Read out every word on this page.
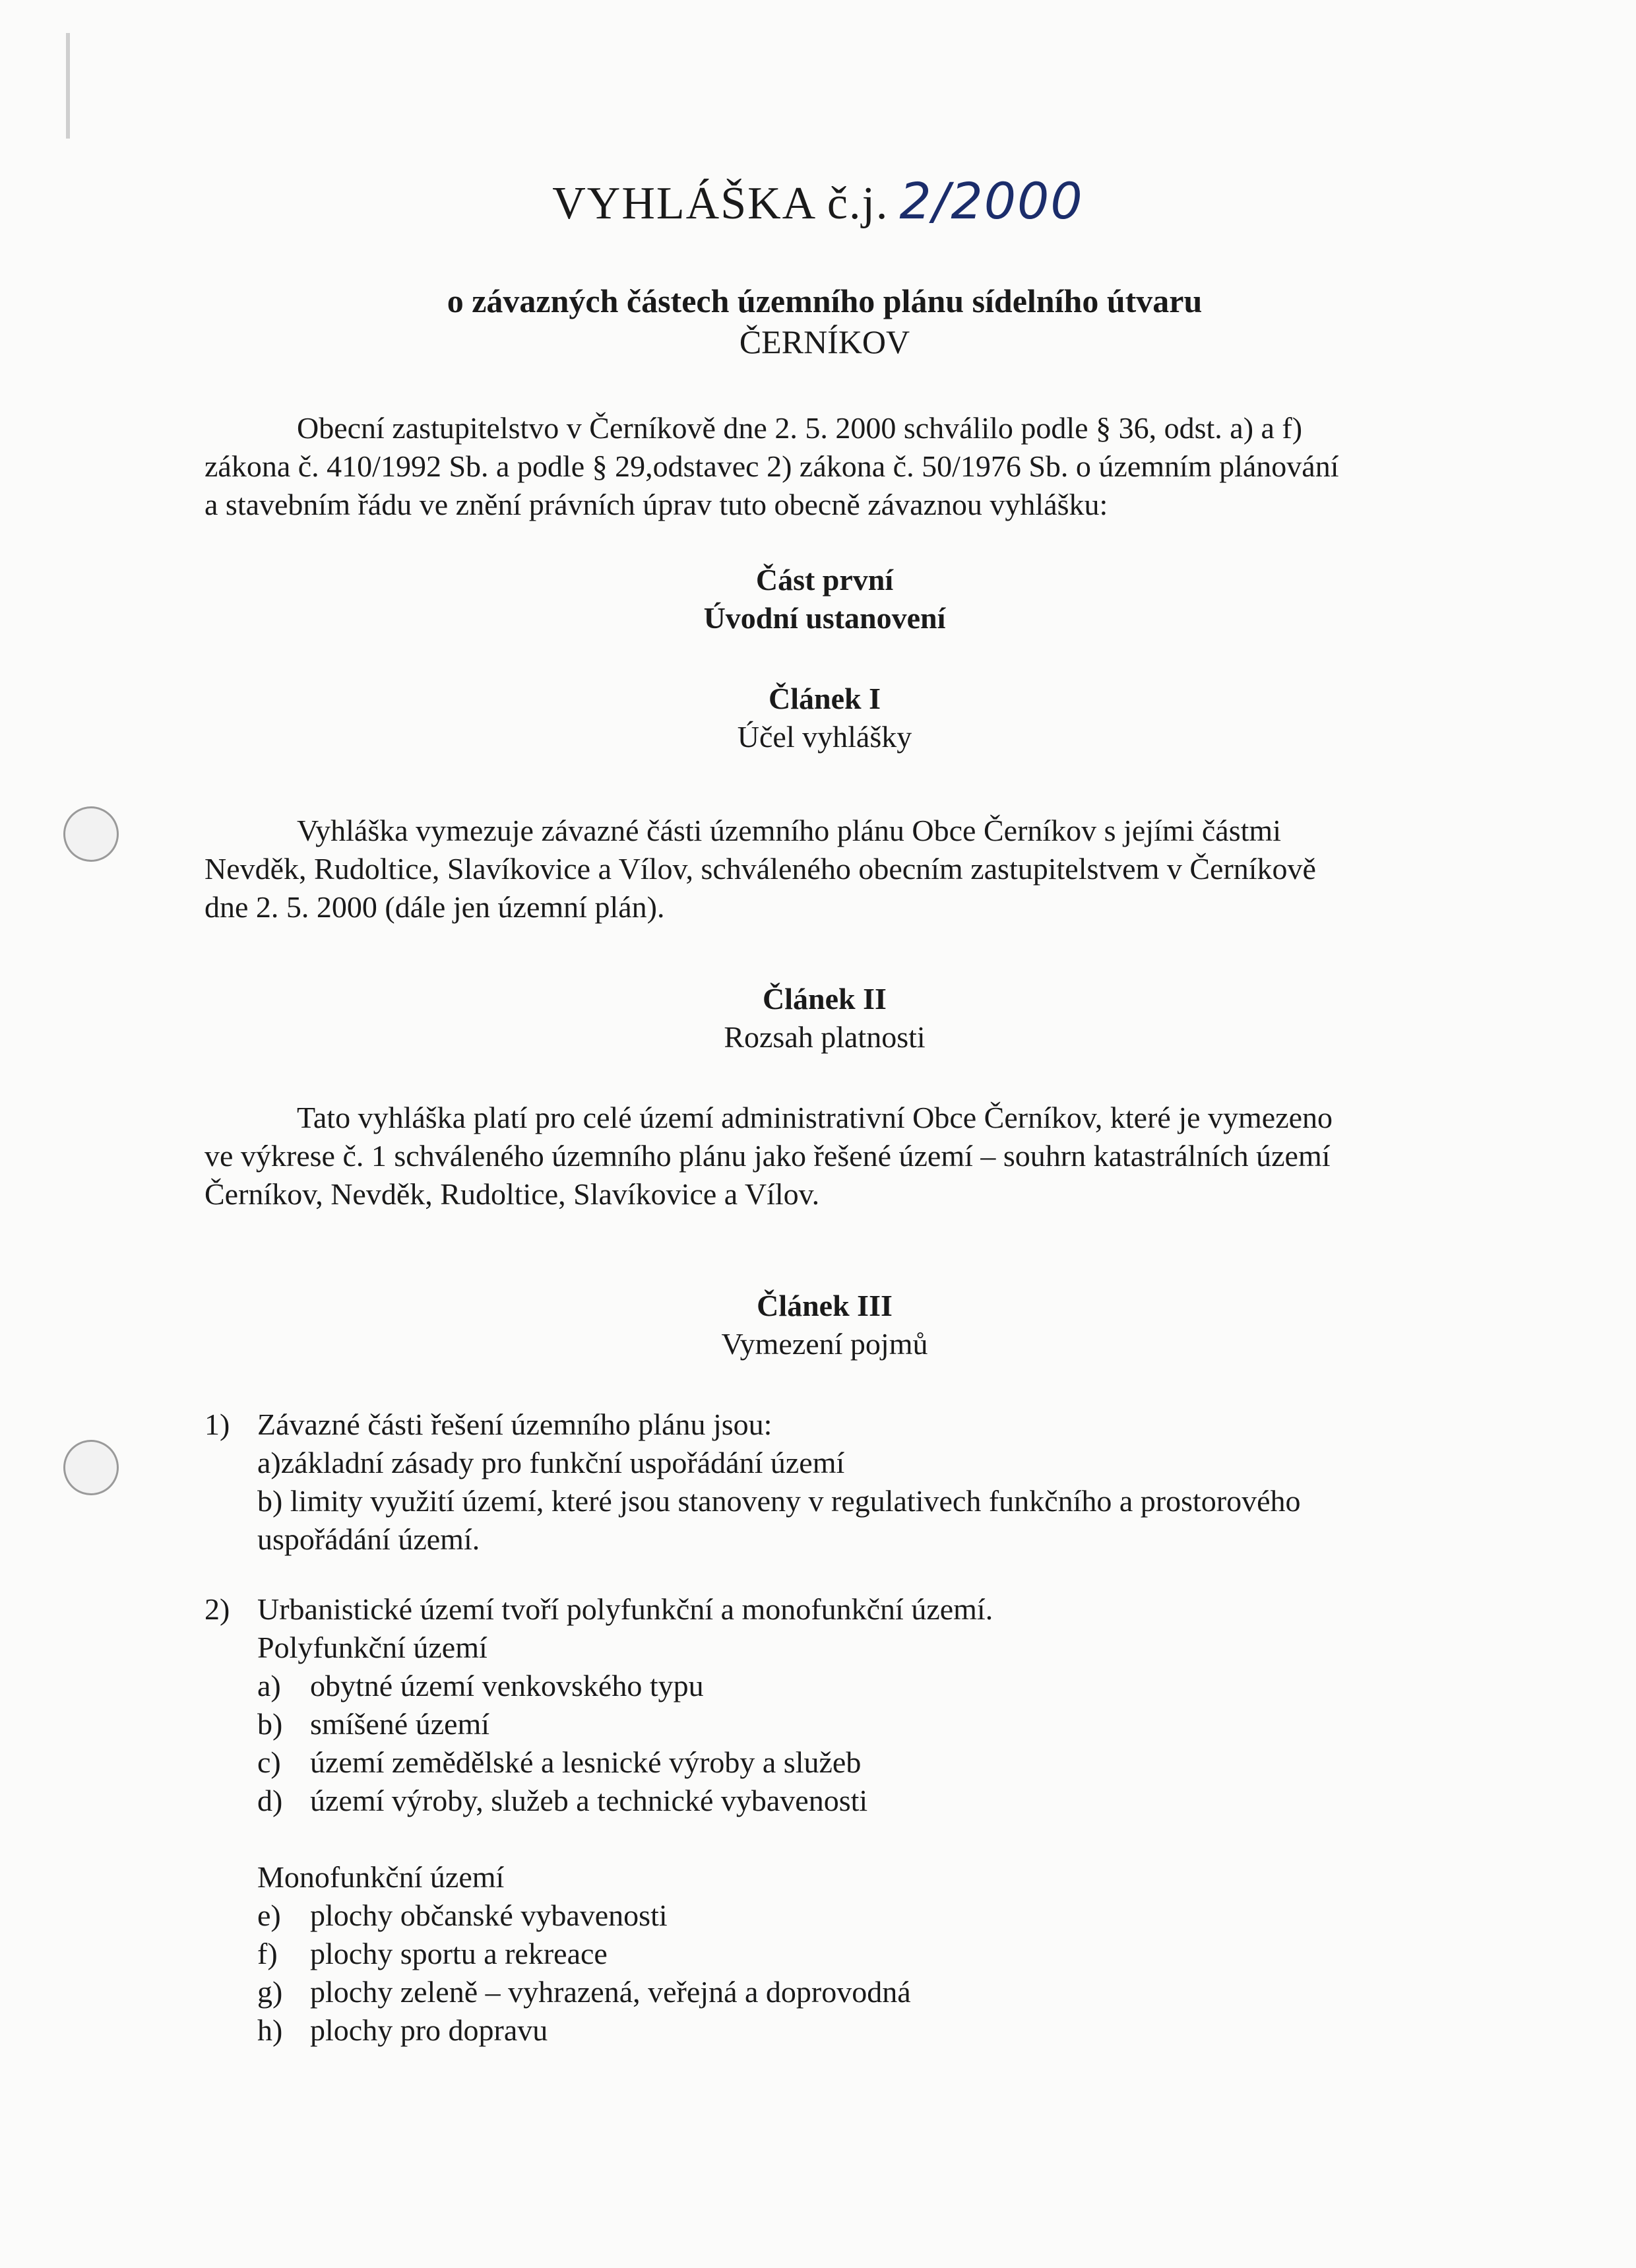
VYHLÁŠKA č.j. 2/2000

o závazných částech územního plánu sídelního útvaru

ČERNÍKOV

Obecní zastupitelstvo v Černíkově dne 2. 5. 2000 schválilo podle § 36, odst. a) a f)

zákona č. 410/1992 Sb. a podle § 29,odstavec 2) zákona č. 50/1976 Sb. o územním plánování

a stavebním řádu ve znění právních úprav tuto obecně závaznou vyhlášku:

Část první

Úvodní ustanovení

Článek I

Účel vyhlášky

Vyhláška vymezuje závazné části územního plánu Obce Černíkov s jejími částmi

Nevděk, Rudoltice, Slavíkovice a Vílov, schváleného obecním zastupitelstvem v Černíkově

dne 2. 5. 2000 (dále jen územní plán).

Článek II

Rozsah platnosti

Tato vyhláška platí pro celé území administrativní Obce Černíkov, které je vymezeno

ve výkrese č. 1 schváleného územního plánu jako řešené území – souhrn katastrálních území

Černíkov, Nevděk, Rudoltice, Slavíkovice a Vílov.

Článek III

Vymezení pojmů

1) Závazné části řešení územního plánu jsou:

a)základní zásady pro funkční uspořádání území

b) limity využití území, které jsou stanoveny v regulativech funkčního a prostorového

uspořádání území.

2) Urbanistické území tvoří polyfunkční a monofunkční území.

Polyfunkční území

a) obytné území venkovského typu

b) smíšené území

c) území zemědělské a lesnické výroby a služeb

d) území výroby, služeb a technické vybavenosti

Monofunkční území

e) plochy občanské vybavenosti

f) plochy sportu a rekreace

g) plochy zeleně – vyhrazená, veřejná a doprovodná

h) plochy pro dopravu
